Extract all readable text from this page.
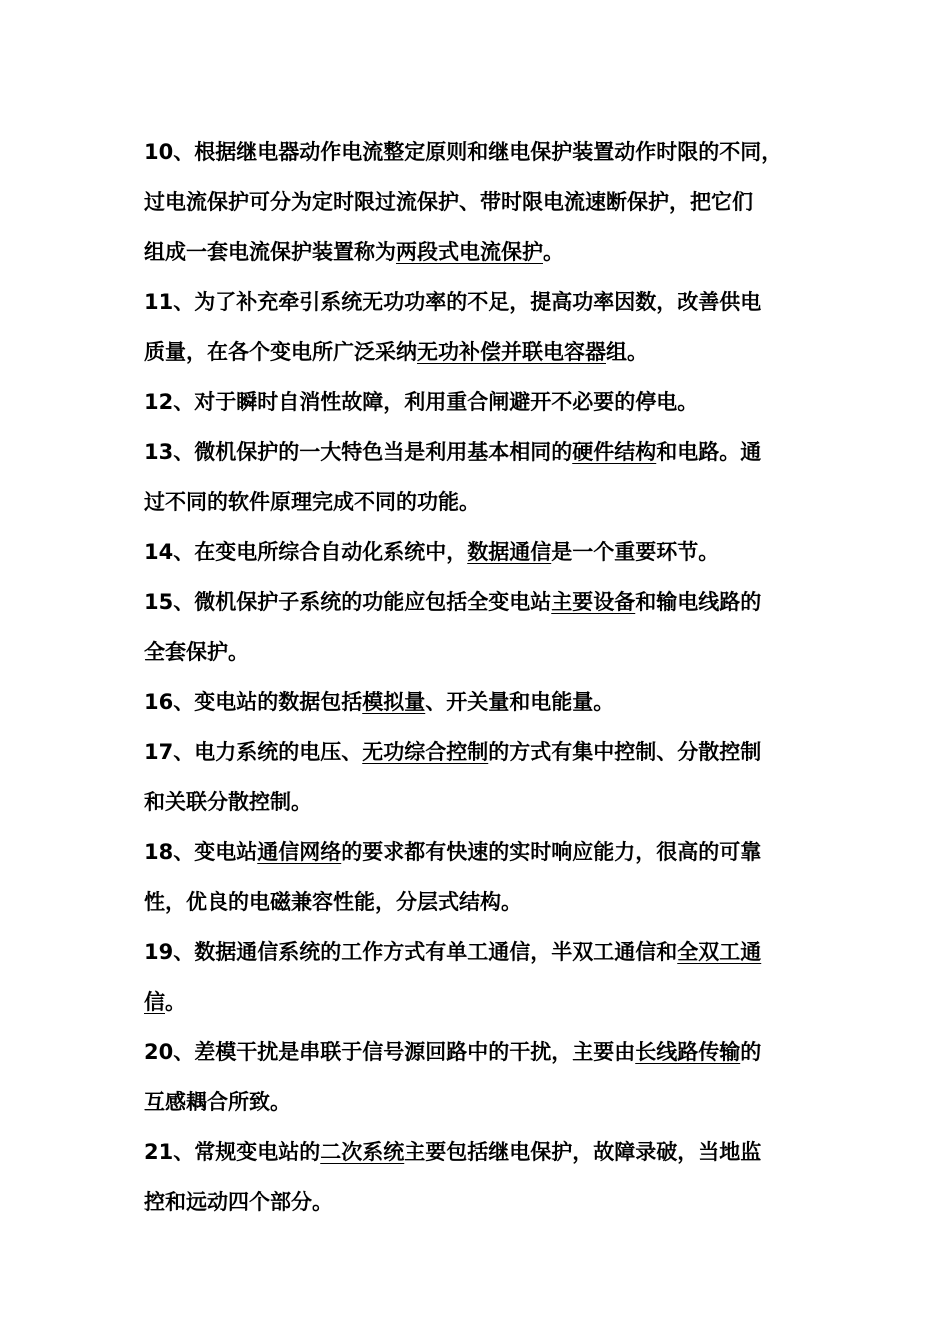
10、根据继电器动作电流整定原则和继电保护装置动作时限的不同，
过电流保护可分为定时限过流保护、带时限电流速断保护，把它们
组成一套电流保护装置称为两段式电流保护。
11、为了补充牵引系统无功功率的不足，提高功率因数，改善供电
质量，在各个变电所广泛采纳无功补偿并联电容器组。
12、对于瞬时自消性故障，利用重合闸避开不必要的停电。
13、微机保护的一大特色当是利用基本相同的硬件结构和电路。通
过不同的软件原理完成不同的功能。
14、在变电所综合自动化系统中，数据通信是一个重要环节。
15、微机保护子系统的功能应包括全变电站主要设备和输电线路的
全套保护。
16、变电站的数据包括模拟量、开关量和电能量。
17、电力系统的电压、无功综合控制的方式有集中控制、分散控制
和关联分散控制。
18、变电站通信网络的要求都有快速的实时响应能力，很高的可靠
性，优良的电磁兼容性能，分层式结构。
19、数据通信系统的工作方式有单工通信，半双工通信和全双工通
信。
20、差模干扰是串联于信号源回路中的干扰，主要由长线路传输的
互感耦合所致。
21、常规变电站的二次系统主要包括继电保护，故障录破，当地监
控和远动四个部分。
